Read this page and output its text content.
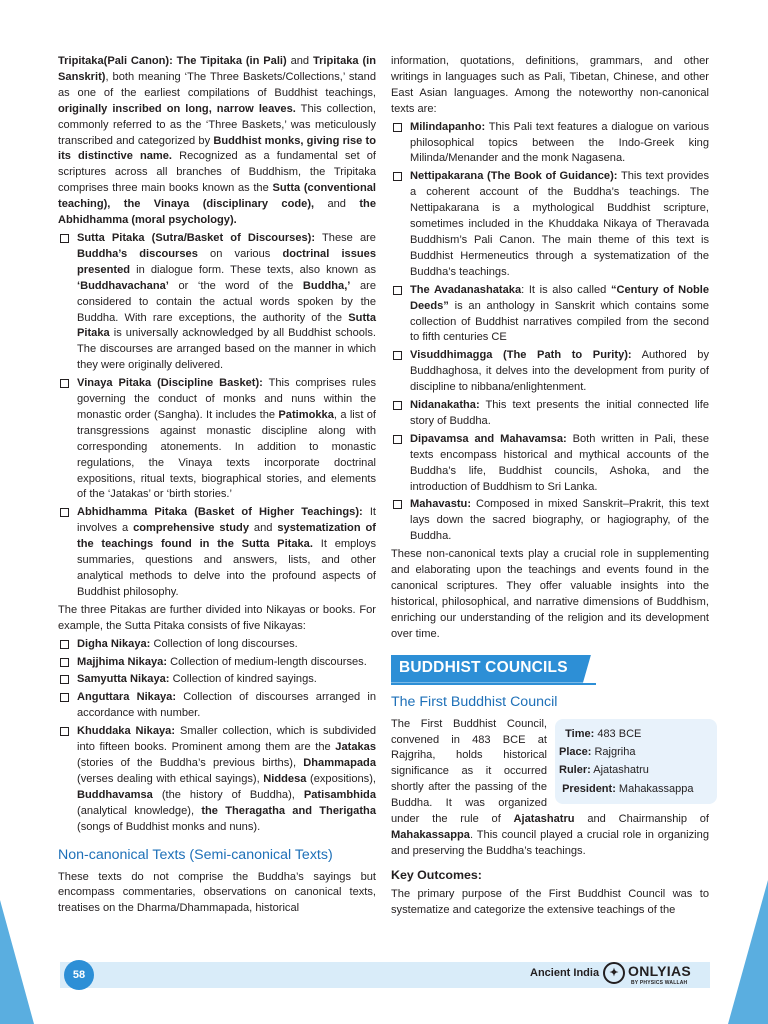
Tripitaka(Pali Canon): The Tipitaka (in Pali) and Tripitaka (in Sanskrit), both meaning ‘The Three Baskets/Collections,’ stand as one of the earliest compilations of Buddhist teachings, originally inscribed on long, narrow leaves. This collection, commonly referred to as the ‘Three Baskets,’ was meticulously transcribed and categorized by Buddhist monks, giving rise to its distinctive name. Recognized as a fundamental set of scriptures across all branches of Buddhism, the Tripitaka comprises three main books known as the Sutta (conventional teaching), the Vinaya (disciplinary code), and the Abhidhamma (moral psychology).

Sutta Pitaka (Sutra/Basket of Discourses): These are Buddha’s discourses on various doctrinal issues presented in dialogue form. These texts, also known as ‘Buddhavachana’ or ‘the word of the Buddha,’ are considered to contain the actual words spoken by the Buddha. With rare exceptions, the authority of the Sutta Pitaka is universally acknowledged by all Buddhist schools. The discourses are arranged based on the manner in which they were originally delivered.
Vinaya Pitaka (Discipline Basket): This comprises rules governing the conduct of monks and nuns within the monastic order (Sangha). It includes the Patimokka, a list of transgressions against monastic discipline along with corresponding atonements. In addition to monastic regulations, the Vinaya texts incorporate doctrinal expositions, ritual texts, biographical stories, and elements of the ‘Jatakas’ or ‘birth stories.’
Abhidhamma Pitaka (Basket of Higher Teachings): It involves a comprehensive study and systematization of the teachings found in the Sutta Pitaka. It employs summaries, questions and answers, lists, and other analytical methods to delve into the profound aspects of Buddhist philosophy.

The three Pitakas are further divided into Nikayas or books. For example, the Sutta Pitaka consists of five Nikayas:

Digha Nikaya: Collection of long discourses.
Majjhima Nikaya: Collection of medium-length discourses.
Samyutta Nikaya: Collection of kindred sayings.
Anguttara Nikaya: Collection of discourses arranged in accordance with number.
Khuddaka Nikaya: Smaller collection, which is subdivided into fifteen books. Prominent among them are the Jatakas (stories of the Buddha’s previous births), Dhammapada (verses dealing with ethical sayings), Niddesa (expositions), Buddhavamsa (the history of Buddha), Patisambhida (analytical knowledge), the Theragatha and Therigatha (songs of Buddhist monks and nuns).
Non-canonical Texts (Semi-canonical Texts)

These texts do not comprise the Buddha’s sayings but encompass commentaries, observations on canonical texts, treatises on the Dharma/Dhammapada, historical

information, quotations, definitions, grammars, and other writings in languages such as Pali, Tibetan, Chinese, and other East Asian languages. Among the noteworthy non-canonical texts are:

Milindapanho: This Pali text features a dialogue on various philosophical topics between the Indo-Greek king Milinda/Menander and the monk Nagasena.
Nettipakarana (The Book of Guidance): This text provides a coherent account of the Buddha’s teachings. The Nettipakarana is a mythological Buddhist scripture, sometimes included in the Khuddaka Nikaya of Theravada Buddhism’s Pali Canon. The main theme of this text is Buddhist Hermeneutics through a systematization of the Buddha’s teachings.
The Avadanashataka: It is also called “Century of Noble Deeds” is an anthology in Sanskrit which contains some collection of Buddhist narratives compiled from the second to fifth centuries CE
Visuddhimagga (The Path to Purity): Authored by Buddhaghosa, it delves into the development from purity of discipline to nibbana/enlightenment.
Nidanakatha: This text presents the initial connected life story of Buddha.
Dipavamsa and Mahavamsa: Both written in Pali, these texts encompass historical and mythical accounts of the Buddha’s life, Buddhist councils, Ashoka, and the introduction of Buddhism to Sri Lanka.
Mahavastu: Composed in mixed Sanskrit–Prakrit, this text lays down the sacred biography, or hagiography, of the Buddha.

These non-canonical texts play a crucial role in supplementing and elaborating upon the teachings and events found in the canonical scriptures. They offer valuable insights into the historical, philosophical, and narrative dimensions of Buddhism, enriching our understanding of the religion and its development over time.

BUDDHIST COUNCILS
The First Buddhist Council
Time: 483 BCE
Place: Rajgriha
Ruler: Ajatashatru
President: Mahakassappa

The First Buddhist Council, convened in 483 BCE at Rajgriha, holds historical significance as it occurred shortly after the passing of the Buddha. It was organized under the rule of Ajatashatru and Chairmanship of Mahakassappa. This council played a crucial role in organizing and preserving the Buddha’s teachings.

Key Outcomes:

The primary purpose of the First Buddhist Council was to systematize and categorize the extensive teachings of the

58	Ancient India ✦ ONLYIAS
BY PHYSICS WALLAH
